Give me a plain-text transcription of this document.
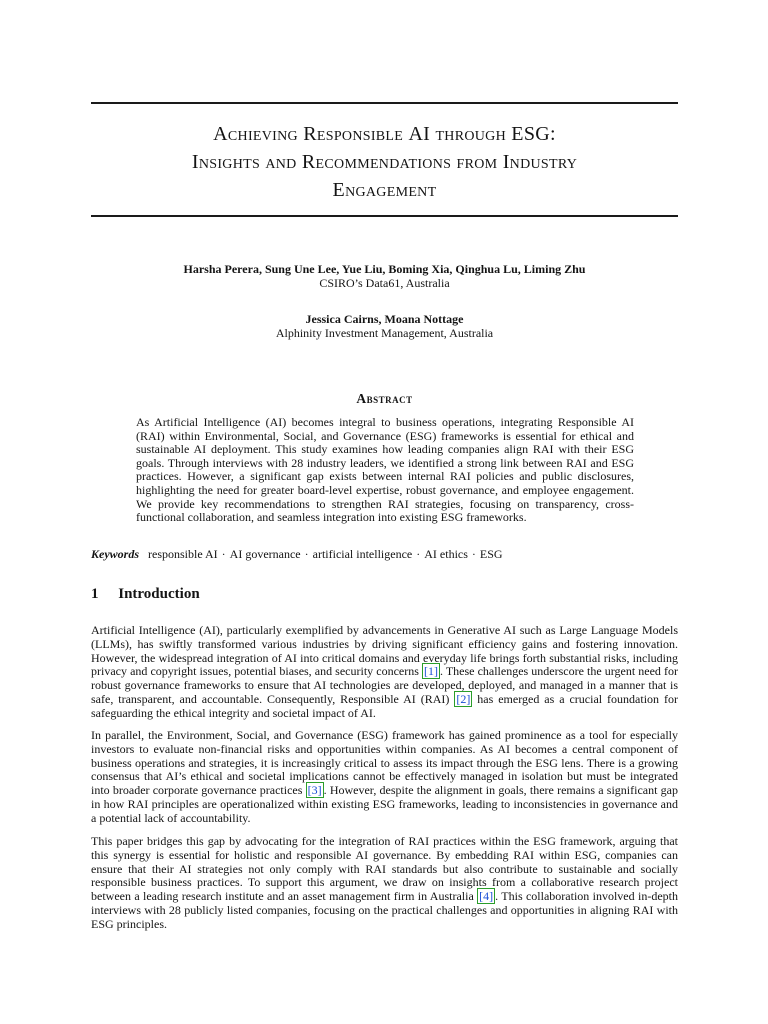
Achieving Responsible AI through ESG:
Insights and Recommendations from Industry
Engagement
Harsha Perera, Sung Une Lee, Yue Liu, Boming Xia, Qinghua Lu, Liming Zhu
CSIRO’s Data61, Australia
Jessica Cairns, Moana Nottage
Alphinity Investment Management, Australia
Abstract

As Artificial Intelligence (AI) becomes integral to business operations, integrating Responsible AI (RAI) within Environmental, Social, and Governance (ESG) frameworks is essential for ethical and sustainable AI deployment. This study examines how leading companies align RAI with their ESG goals. Through interviews with 28 industry leaders, we identified a strong link between RAI and ESG practices. However, a significant gap exists between internal RAI policies and public disclosures, highlighting the need for greater board-level expertise, robust governance, and employee engagement. We provide key recommendations to strengthen RAI strategies, focusing on transparency, cross-functional collaboration, and seamless integration into existing ESG frameworks.

Keywords responsible AI · AI governance · artificial intelligence · AI ethics · ESG
1 Introduction

Artificial Intelligence (AI), particularly exemplified by advancements in Generative AI such as Large Language Models (LLMs), has swiftly transformed various industries by driving significant efficiency gains and fostering innovation. However, the widespread integration of AI into critical domains and everyday life brings forth substantial risks, including privacy and copyright issues, potential biases, and security concerns [1] . These challenges underscore the urgent need for robust governance frameworks to ensure that AI technologies are developed, deployed, and managed in a manner that is safe, transparent, and accountable. Consequently, Responsible AI (RAI) [2] has emerged as a crucial foundation for safeguarding the ethical integrity and societal impact of AI.

In parallel, the Environment, Social, and Governance (ESG) framework has gained prominence as a tool for especially investors to evaluate non-financial risks and opportunities within companies. As AI becomes a central component of business operations and strategies, it is increasingly critical to assess its impact through the ESG lens. There is a growing consensus that AI’s ethical and societal implications cannot be effectively managed in isolation but must be integrated into broader corporate governance practices [3] . However, despite the alignment in goals, there remains a significant gap in how RAI principles are operationalized within existing ESG frameworks, leading to inconsistencies in governance and a potential lack of accountability.

This paper bridges this gap by advocating for the integration of RAI practices within the ESG framework, arguing that this synergy is essential for holistic and responsible AI governance. By embedding RAI within ESG, companies can ensure that their AI strategies not only comply with RAI standards but also contribute to sustainable and socially responsible business practices. To support this argument, we draw on insights from a collaborative research project between a leading research institute and an asset management firm in Australia [4] . This collaboration involved in-depth interviews with 28 publicly listed companies, focusing on the practical challenges and opportunities in aligning RAI with ESG principles.
